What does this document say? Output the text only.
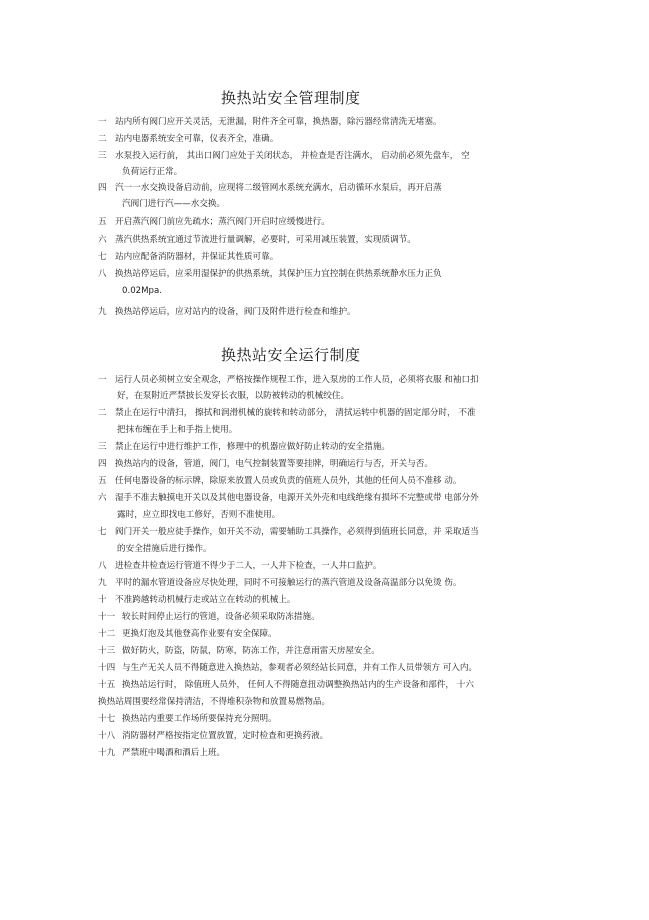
换热站安全管理制度
一 站内所有阀门应开关灵活，无泄漏，附件齐全可靠，换热器，除污器经常清洗无堵塞。
二 站内电器系统安全可靠，仪表齐全，准确。
三 水泵投入运行前， 其出口阀门应处于关闭状态， 并检查是否注满水， 启动前必须先盘车， 空
负荷运行正常。
四 汽一一水交换设备启动前，应现将二级管网水系统充满水，启动循环水泵后，再开启蒸
汽阀门进行汽——水交换。
五 开启蒸汽阀门前应先疏水；蒸汽阀门开启时应缓慢进行。
六 蒸汽供热系统宜通过节流进行量调解，必要时，可采用减压装置，实现质调节。
七 站内应配备消防器材，并保证其性质可靠。
八 换热站停运后，应采用湿保护的供热系统，其保护压力宜控制在供热系统静水压力正负
0.02Mpa.
九 换热站停运后，应对站内的设备，阀门及附件进行检查和维护。
换热站安全运行制度
一 运行人员必须树立安全观念，严格按操作规程工作，进入泵房的工作人员，必须将衣服 和袖口扣
好，在泵附近严禁披长发穿长衣服，以防被转动的机械绞住。
二 禁止在运行中清扫， 擦拭和润滑机械的旋转和转动部分， 清拭运转中机器的固定部分时， 不准
把抹布缠在手上和手指上使用。
三 禁止在运行中进行维护工作，修理中的机器应做好防止转动的安全措施。
四 换热站内的设备，管道，阀门，电气控制装置等要挂牌，明确运行与否，开关与否。
五 任何电器设备的标示牌，除原来放置人员或负责的值班人员外，其他的任何人员不准移 动。
六 湿手不准去触摸电开关以及其他电器设备，电源开关外壳和电线绝缘有损坏不完整或带 电部分外
露时，应立即找电工修好，否则不准使用。
七 阀门开关一般应徒手操作，如开关不动，需要辅助工具操作，必须得到值班长同意，并 采取适当
的安全措施后进行操作。
八 进检查井检查运行管道不得少于二人，一人井下检查，一人井口监护。
九 平时的漏水管道设备应尽快处理，同时不可接触运行的蒸汽管道及设备高温部分以免烫 伤。
十 不准跨越转动机械行走或站立在转动的机械上。
十一 较长时间停止运行的管道，设备必须采取防冻措施。
十二 更换灯泡及其他登高作业要有安全保障。
十三 做好防火，防盗，防鼠，防寒，防冻工作，并注意雨雷天房屋安全。
十四 与生产无关人员不得随意进入换热站，参观者必须经站长同意，并有工作人员带领方 可入内。
十五 换热站运行时， 除值班人员外， 任何人不得随意扭动调整换热站内的生产设备和部件， 十六
换热站周围要经常保持清洁，不得堆积杂物和放置易燃物品。
十七 换热站内重要工作场所要保持充分照明。
十八 消防器材严格按指定位置放置，定时检查和更换药液。
十九 严禁班中喝酒和酒后上班。
